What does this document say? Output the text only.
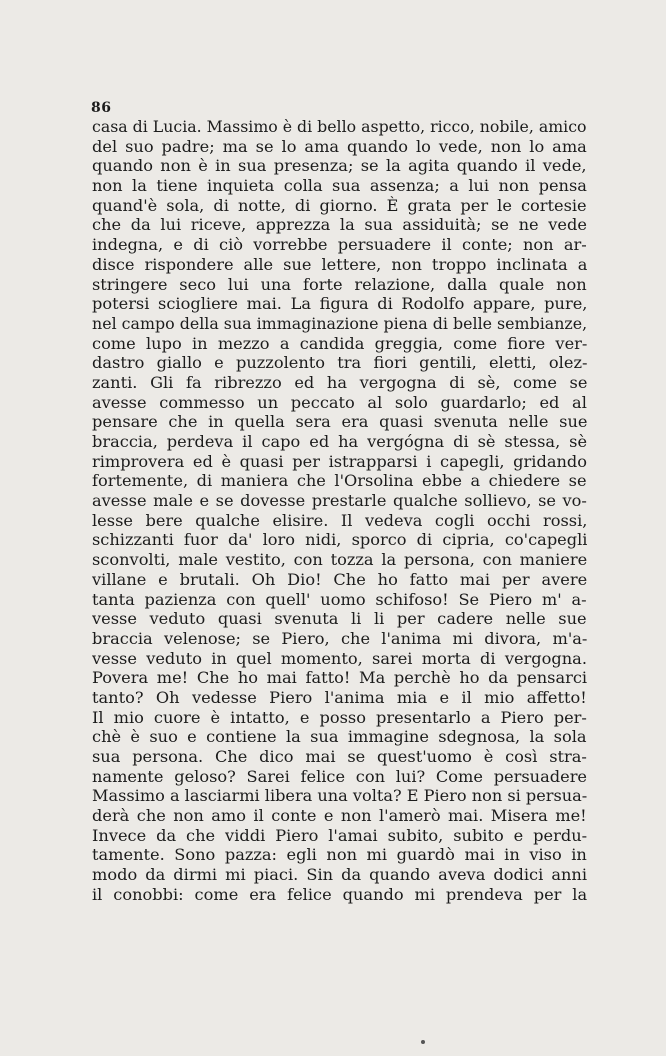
86
casa di Lucia. Massimo è di bello aspetto, ricco, nobile, amico
del suo padre; ma se lo ama quando lo vede, non lo ama
quando non è in sua presenza; se la agita quando il vede,
non la tiene inquieta colla sua assenza; a lui non pensa
quand'è sola, di notte, di giorno. È grata per le cortesie
che da lui riceve, apprezza la sua assiduità; se ne vede
indegna, e di ciò vorrebbe persuadere il conte; non ar-
disce rispondere alle sue lettere, non troppo inclinata a
stringere seco lui una forte relazione, dalla quale non
potersi sciogliere mai. La figura di Rodolfo appare, pure,
nel campo della sua immaginazione piena di belle sembianze,
come lupo in mezzo a candida greggia, come fiore ver-
dastro giallo e puzzolento tra fiori gentili, eletti, olez-
zanti. Gli fa ribrezzo ed ha vergogna di sè, come se
avesse commesso un peccato al solo guardarlo; ed al
pensare che in quella sera era quasi svenuta nelle sue
braccia, perdeva il capo ed ha vergógna di sè stessa, sè
rimprovera ed è quasi per istrapparsi i capegli, gridando
fortemente, di maniera che l'Orsolina ebbe a chiedere se
avesse male e se dovesse prestarle qualche sollievo, se vo-
lesse bere qualche elisire. Il vedeva cogli occhi rossi,
schizzanti fuor da' loro nidi, sporco di cipria, co'capegli
sconvolti, male vestito, con tozza la persona, con maniere
villane e brutali. Oh Dio! Che ho fatto mai per avere
tanta pazienza con quell' uomo schifoso! Se Piero m' a-
vesse veduto quasi svenuta li li per cadere nelle sue
braccia velenose; se Piero, che l'anima mi divora, m'a-
vesse veduto in quel momento, sarei morta di vergogna.
Povera me! Che ho mai fatto! Ma perchè ho da pensarci
tanto? Oh vedesse Piero l'anima mia e il mio affetto!
Il mio cuore è intatto, e posso presentarlo a Piero per-
chè è suo e contiene la sua immagine sdegnosa, la sola
sua persona. Che dico mai se quest'uomo è così stra-
namente geloso? Sarei felice con lui? Come persuadere
Massimo a lasciarmi libera una volta? E Piero non si persua-
derà che non amo il conte e non l'amerò mai. Misera me!
Invece da che viddi Piero l'amai subito, subito e perdu-
tamente. Sono pazza: egli non mi guardò mai in viso in
modo da dirmi mi piaci. Sin da quando aveva dodici anni
il conobbi: come era felice quando mi prendeva per la
